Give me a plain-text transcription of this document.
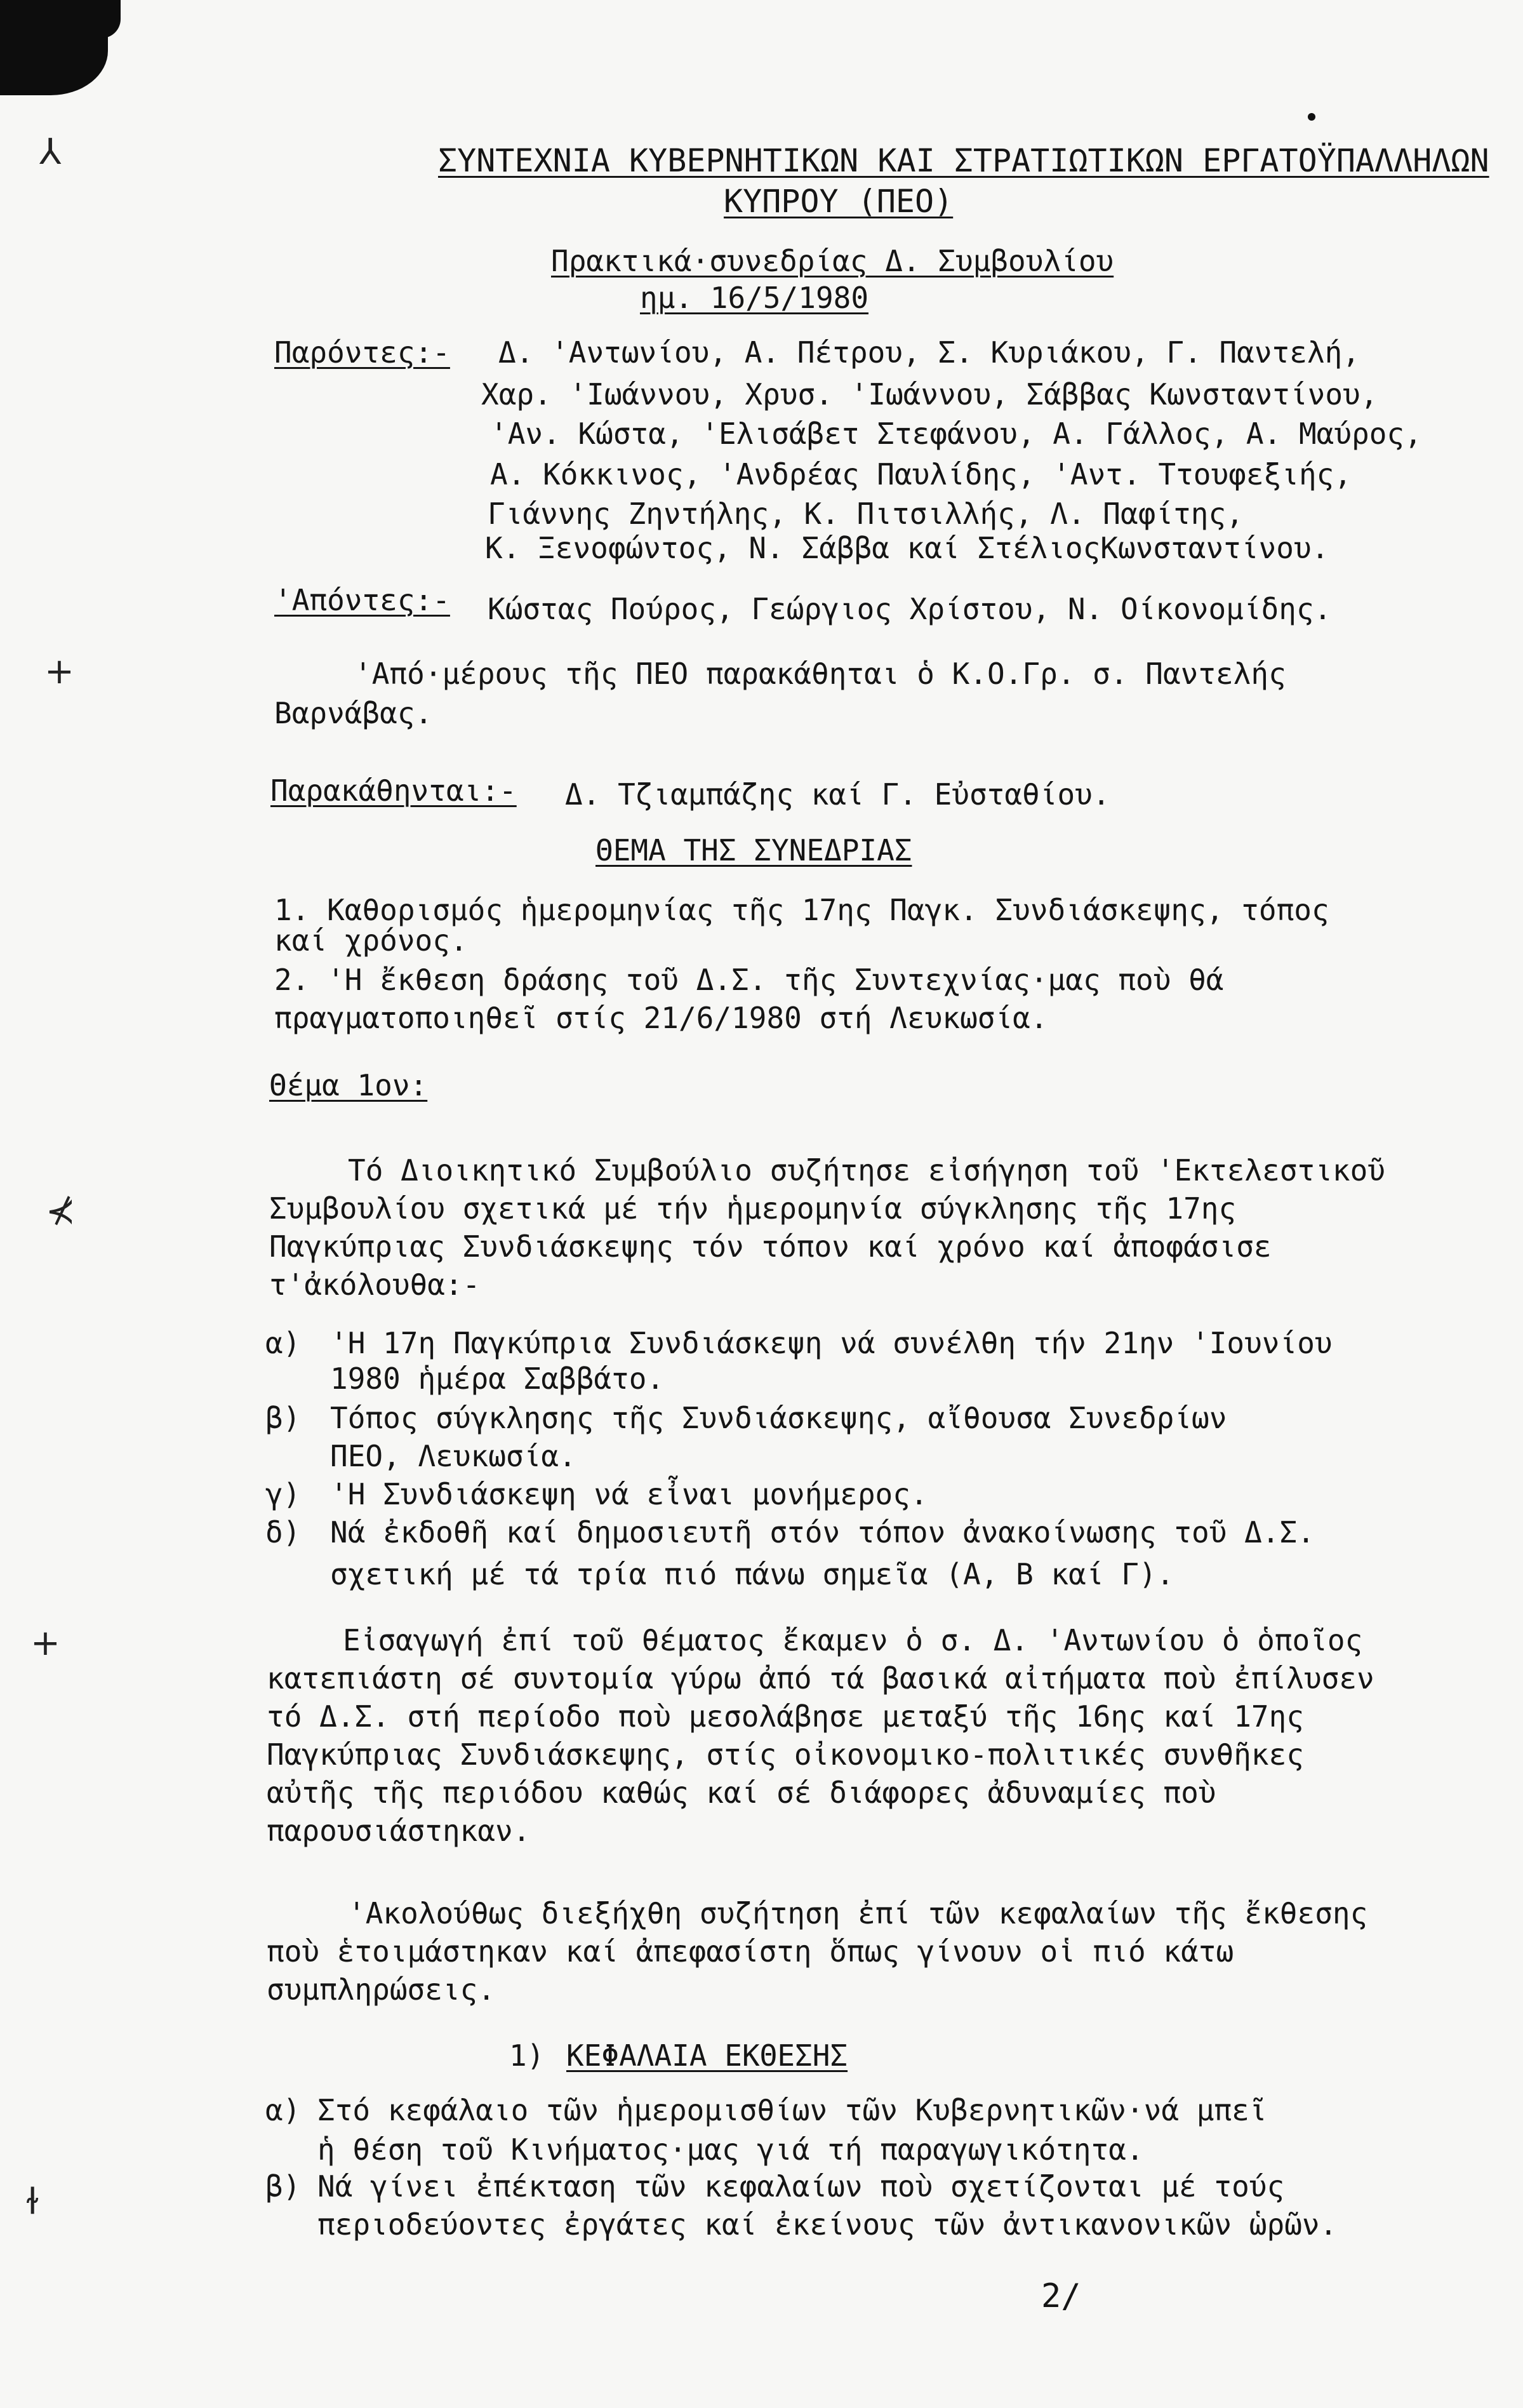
⅄
+
⊀
+
ɫ
ΣΥΝΤΕΧΝΙΑ ΚΥΒΕΡΝΗΤΙΚΩΝ ΚΑΙ ΣΤΡΑΤΙΩΤΙΚΩΝ ΕΡΓΑΤΟΫΠΑΛΛΗΛΩΝ
ΚΥΠΡΟΥ (ΠΕΟ)
Πρακτικά·συνεδρίας Δ. Συμβουλίου
ημ. 16/5/1980
Παρόντες:- Δ. 'Αντωνίου, Α. Πέτρου, Σ. Κυριάκου, Γ. Παντελή,
Χαρ. 'Ιωάννου, Χρυσ. 'Ιωάννου, Σάββας Κωνσταντίνου,
'Αν. Κώστα, 'Ελισάβετ Στεφάνου, Α. Γάλλος, Α. Μαύρος,
Α. Κόκκινος, 'Ανδρέας Παυλίδης, 'Αντ. Ττουφεξιής,
Γιάννης Ζηντήλης, Κ. Πιτσιλλής, Λ. Παφίτης,
Κ. Ξενοφώντος, Ν. Σάββα καί ΣτέλιοςΚωνσταντίνου.
'Απόντες:- Κώστας Πούρος, Γεώργιος Χρίστου, Ν. Οίκονομίδης.
'Από·μέρους τῆς ΠΕΟ παρακάθηται ὁ Κ.Ο.Γρ. σ. Παντελής
Βαρνάβας.
Παρακάθηνται:- Δ. Τζιαμπάζης καί Γ. Εὐσταθίου.
ΘΕΜΑ ΤΗΣ ΣΥΝΕΔΡΙΑΣ
1. Καθορισμός ἡμερομηνίας τῆς 17ης Παγκ. Συνδιάσκεψης, τόπος
καί χρόνος.
2. 'Η ἔκθεση δράσης τοῦ Δ.Σ. τῆς Συντεχνίας·μας ποὺ θά
πραγματοποιηθεῖ στίς 21/6/1980 στή Λευκωσία.
Θέμα 1ον:
Τό Διοικητικό Συμβούλιο συζήτησε εἰσήγηση τοῦ 'Εκτελεστικοῦ
Συμβουλίου σχετικά μέ τήν ἡμερομηνία σύγκλησης τῆς 17ης
Παγκύπριας Συνδιάσκεψης τόν τόπον καί χρόνο καί ἀποφάσισε
τ'ἀκόλουθα:-
α) 'Η 17η Παγκύπρια Συνδιάσκεψη νά συνέλθη τήν 21ην 'Ιουνίου
1980 ἡμέρα Σαββάτο.
β) Τόπος σύγκλησης τῆς Συνδιάσκεψης, αἴθουσα Συνεδρίων
ΠΕΟ, Λευκωσία.
γ) 'Η Συνδιάσκεψη νά εἶναι μονήμερος.
δ) Νά ἐκδοθῆ καί δημοσιευτῆ στόν τόπον ἀνακοίνωσης τοῦ Δ.Σ.
σχετική μέ τά τρία πιό πάνω σημεῖα (Α, Β καί Γ).
Εἰσαγωγή ἐπί τοῦ θέματος ἔκαμεν ὁ σ. Δ. 'Αντωνίου ὁ ὁποῖος
κατεπιάστη σέ συντομία γύρω ἀπό τά βασικά αἰτήματα ποὺ ἐπίλυσεν
τό Δ.Σ. στή περίοδο ποὺ μεσολάβησε μεταξύ τῆς 16ης καί 17ης
Παγκύπριας Συνδιάσκεψης, στίς οἰκονομικο-πολιτικές συνθῆκες
αὐτῆς τῆς περιόδου καθώς καί σέ διάφορες ἀδυναμίες ποὺ
παρουσιάστηκαν.
'Ακολούθως διεξήχθη συζήτηση ἐπί τῶν κεφαλαίων τῆς ἔκθεσης
ποὺ ἑτοιμάστηκαν καί ἀπεφασίστη ὅπως γίνουν οἱ πιό κάτω
συμπληρώσεις.
1) ΚΕΦΑΛΑΙΑ ΕΚΘΕΣΗΣ
α) Στό κεφάλαιο τῶν ἡμερομισθίων τῶν Κυβερνητικῶν·νά μπεῖ
ἡ θέση τοῦ Κινήματος·μας γιά τή παραγωγικότητα.
β) Νά γίνει ἐπέκταση τῶν κεφαλαίων ποὺ σχετίζονται μέ τούς
περιοδεύοντες ἐργάτες καί ἐκείνους τῶν ἀντικανονικῶν ὡρῶν.
2/
